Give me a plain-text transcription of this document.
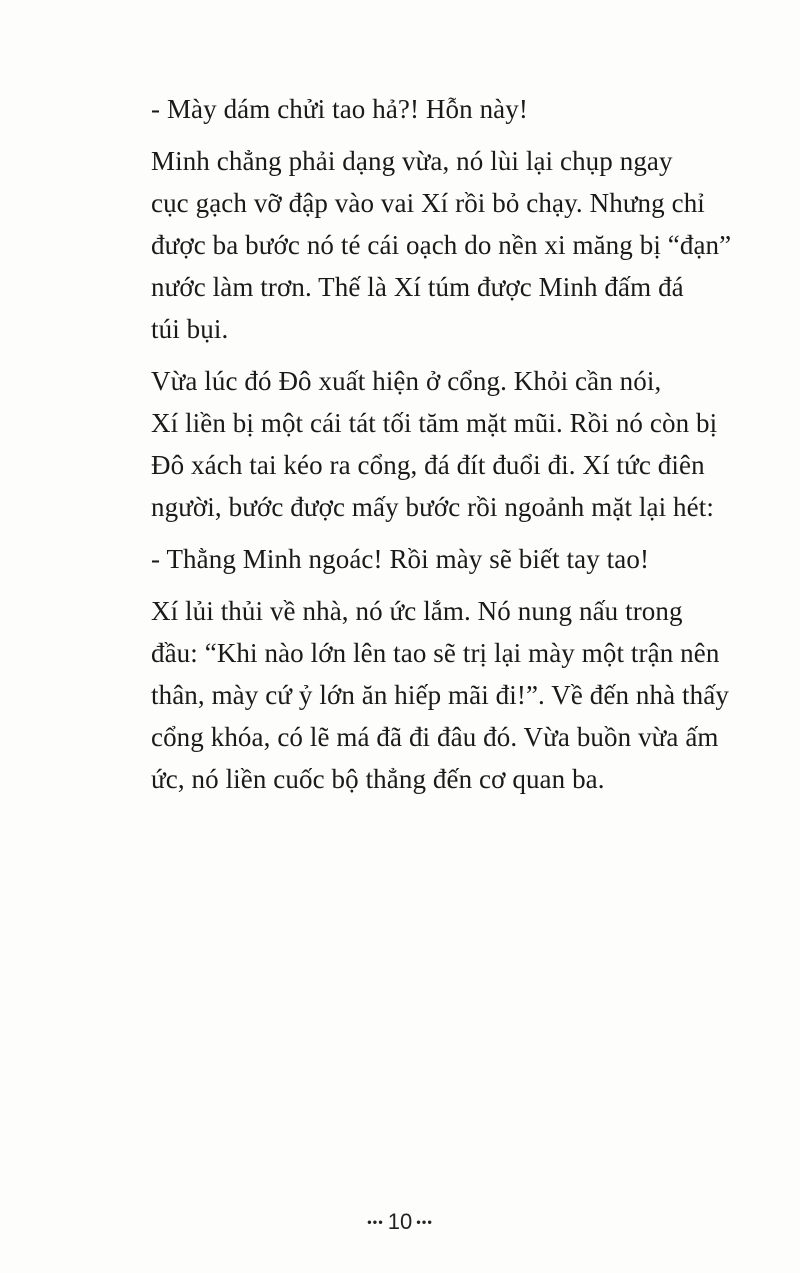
- Mày dám chửi tao hả?! Hỗn này!

Minh chẳng phải dạng vừa, nó lùi lại chụp ngay
cục gạch vỡ đập vào vai Xí rồi bỏ chạy. Nhưng chỉ
được ba bước nó té cái oạch do nền xi măng bị “đạn”
nước làm trơn. Thế là Xí túm được Minh đấm đá
túi bụi.

Vừa lúc đó Đô xuất hiện ở cổng. Khỏi cần nói,
Xí liền bị một cái tát tối tăm mặt mũi. Rồi nó còn bị
Đô xách tai kéo ra cổng, đá đít đuổi đi. Xí tức điên
người, bước được mấy bước rồi ngoảnh mặt lại hét:

- Thằng Minh ngoác! Rồi mày sẽ biết tay tao!

Xí lủi thủi về nhà, nó ức lắm. Nó nung nấu trong
đầu: “Khi nào lớn lên tao sẽ trị lại mày một trận nên
thân, mày cứ ỷ lớn ăn hiếp mãi đi!”. Về đến nhà thấy
cổng khóa, có lẽ má đã đi đâu đó. Vừa buồn vừa ấm
ức, nó liền cuốc bộ thẳng đến cơ quan ba.

••• 10 •••
